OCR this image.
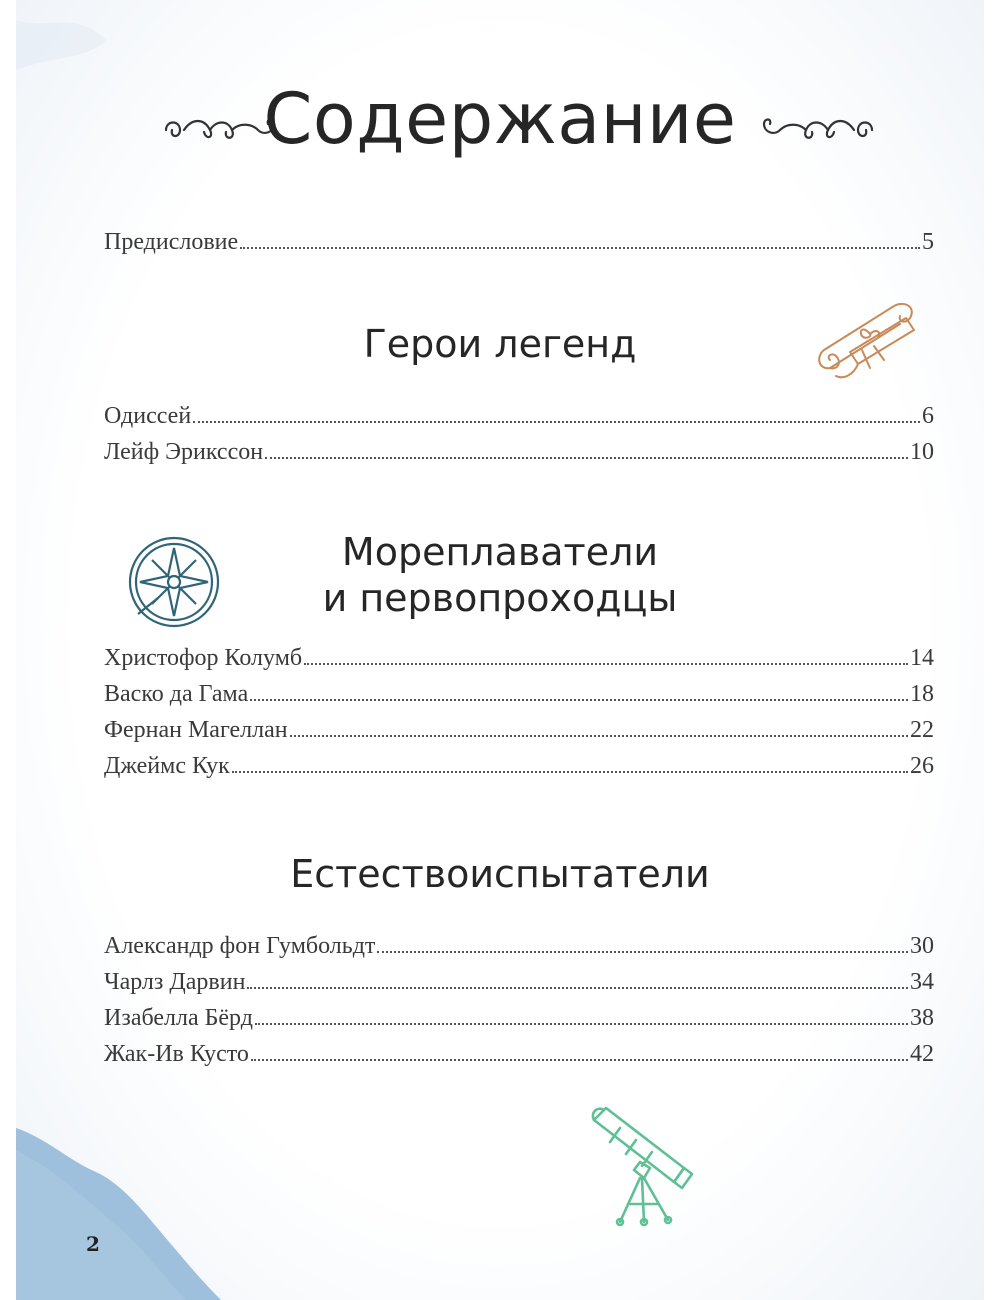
Содержание
Предисловие	5
Герои легенд
Одиссей	6
Лейф Эриксcон	10
Мореплаватели
и первопроходцы
Христофор Колумб	14
Васко да Гама	18
Фернан Магеллан	22
Джеймс Кук	26
Естествоиспытатели
Александр фон Гумбольдт	30
Чарлз Дарвин	34
Изабелла Бёрд	38
Жак-Ив Кусто	42
2
